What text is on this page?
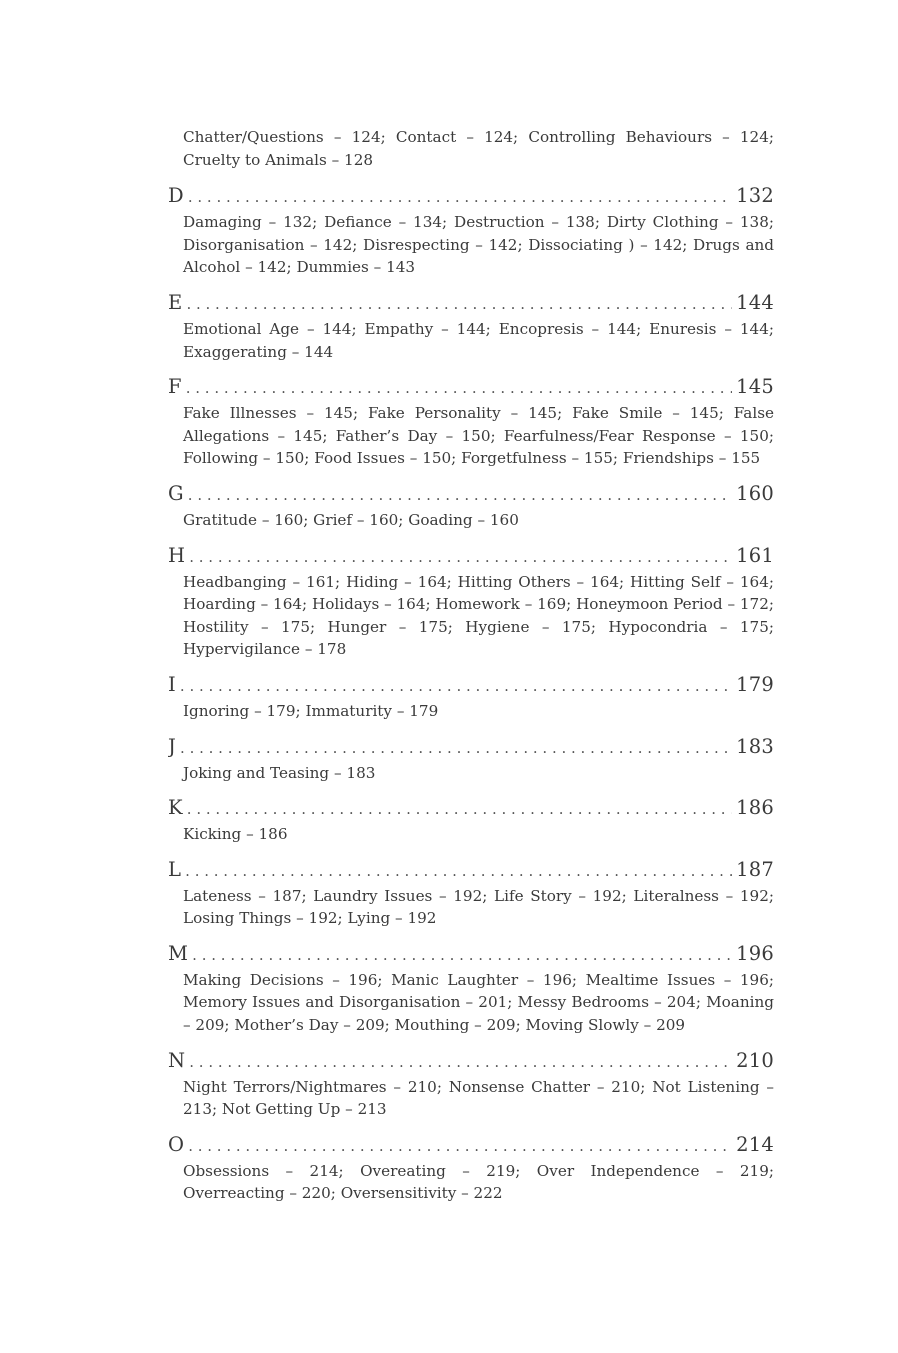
Chatter/Questions – 124; Contact – 124; Controlling Behaviours – 124; Cruelty to Animals – 128
D . . .	132
Damaging – 132; Defiance – 134; Destruction – 138; Dirty Clothing – 138; Disorganisation – 142; Disrespecting – 142; Dissociating ) – 142; Drugs and Alcohol – 142; Dummies – 143
E . . .	144
Emotional Age – 144; Empathy – 144; Encopresis – 144; Enuresis – 144; Exaggerating – 144
F . . .	145
Fake Illnesses – 145; Fake Personality – 145; Fake Smile – 145; False Allegations – 145; Father’s Day – 150; Fearfulness/Fear Response – 150; Following – 150; Food Issues – 150; Forgetfulness – 155; Friendships – 155
G . . .	160
Gratitude – 160; Grief – 160; Goading – 160
H . . .	161
Headbanging – 161; Hiding – 164; Hitting Others – 164; Hitting Self – 164; Hoarding – 164; Holidays – 164; Homework – 169; Honeymoon Period – 172; Hostility – 175; Hunger – 175; Hygiene – 175; Hypocondria – 175; Hypervigilance – 178
I . . .	179
Ignoring – 179; Immaturity – 179
J . . .	183
Joking and Teasing – 183
K . . .	186
Kicking – 186
L . . .	187
Lateness – 187; Laundry Issues – 192; Life Story – 192; Literalness – 192; Losing Things – 192; Lying – 192
M . . .	196
Making Decisions – 196; Manic Laughter – 196; Mealtime Issues – 196; Memory Issues and Disorganisation – 201; Messy Bedrooms – 204; Moaning – 209; Mother’s Day – 209; Mouthing – 209; Moving Slowly – 209
N . . .	210
Night Terrors/Nightmares – 210; Nonsense Chatter – 210; Not Listening – 213; Not Getting Up – 213
O . . .	214
Obsessions – 214; Overeating – 219; Over Independence – 219; Overreacting – 220; Oversensitivity – 222
